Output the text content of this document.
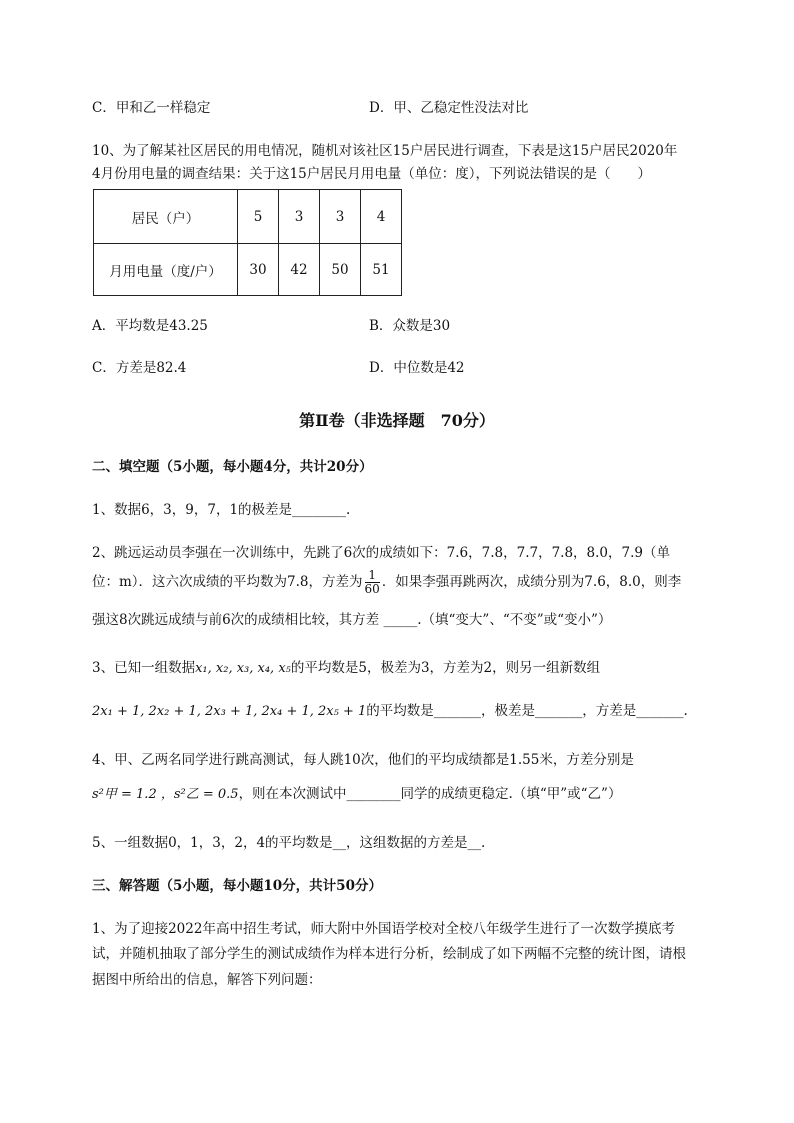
C．甲和乙一样稳定	D．甲、乙稳定性没法对比
10、为了解某社区居民的用电情况，随机对该社区15户居民进行调查，下表是这15户居民2020年
4月份用电量的调查结果：关于这15户居民月用电量（单位：度），下列说法错误的是（　　）
居民（户）	5	3	3	4
月用电量（度/户）	30	42	50	51
A．平均数是43.25	B．众数是30
C．方差是82.4	D．中位数是42
第Ⅱ卷（非选择题　70分）
二、填空题（5小题，每小题4分，共计20分）
1、数据6，3，9，7，1的极差是________.
2、跳远运动员李强在一次训练中，先跳了6次的成绩如下：7.6，7.8，7.7，7.8，8.0，7.9（单
位：m）．这六次成绩的平均数为7.8，方差为 $\frac{1}{60}$ ．如果李强再跳两次，成绩分别为7.6，8.0，则李
强这8次跳远成绩与前6次的成绩相比较，其方差 _____.（填“变大”、“不变”或“变小”）
3、已知一组数据x₁, x₂, x₃, x₄, x₅的平均数是5，极差为3，方差为2，则另一组新数组
2x₁ + 1, 2x₂ + 1, 2x₃ + 1, 2x₄ + 1, 2x₅ + 1的平均数是_______，极差是_______，方差是_______.
4、甲、乙两名同学进行跳高测试，每人跳10次，他们的平均成绩都是1.55米，方差分别是
s²甲 = 1.2 ，s²乙 = 0.5，则在本次测试中________同学的成绩更稳定.（填“甲”或“乙”）
5、一组数据0，1，3，2，4的平均数是__，这组数据的方差是__.
三、解答题（5小题，每小题10分，共计50分）
1、为了迎接2022年高中招生考试，师大附中外国语学校对全校八年级学生进行了一次数学摸底考
试，并随机抽取了部分学生的测试成绩作为样本进行分析，绘制成了如下两幅不完整的统计图，请根
据图中所给出的信息，解答下列问题：
